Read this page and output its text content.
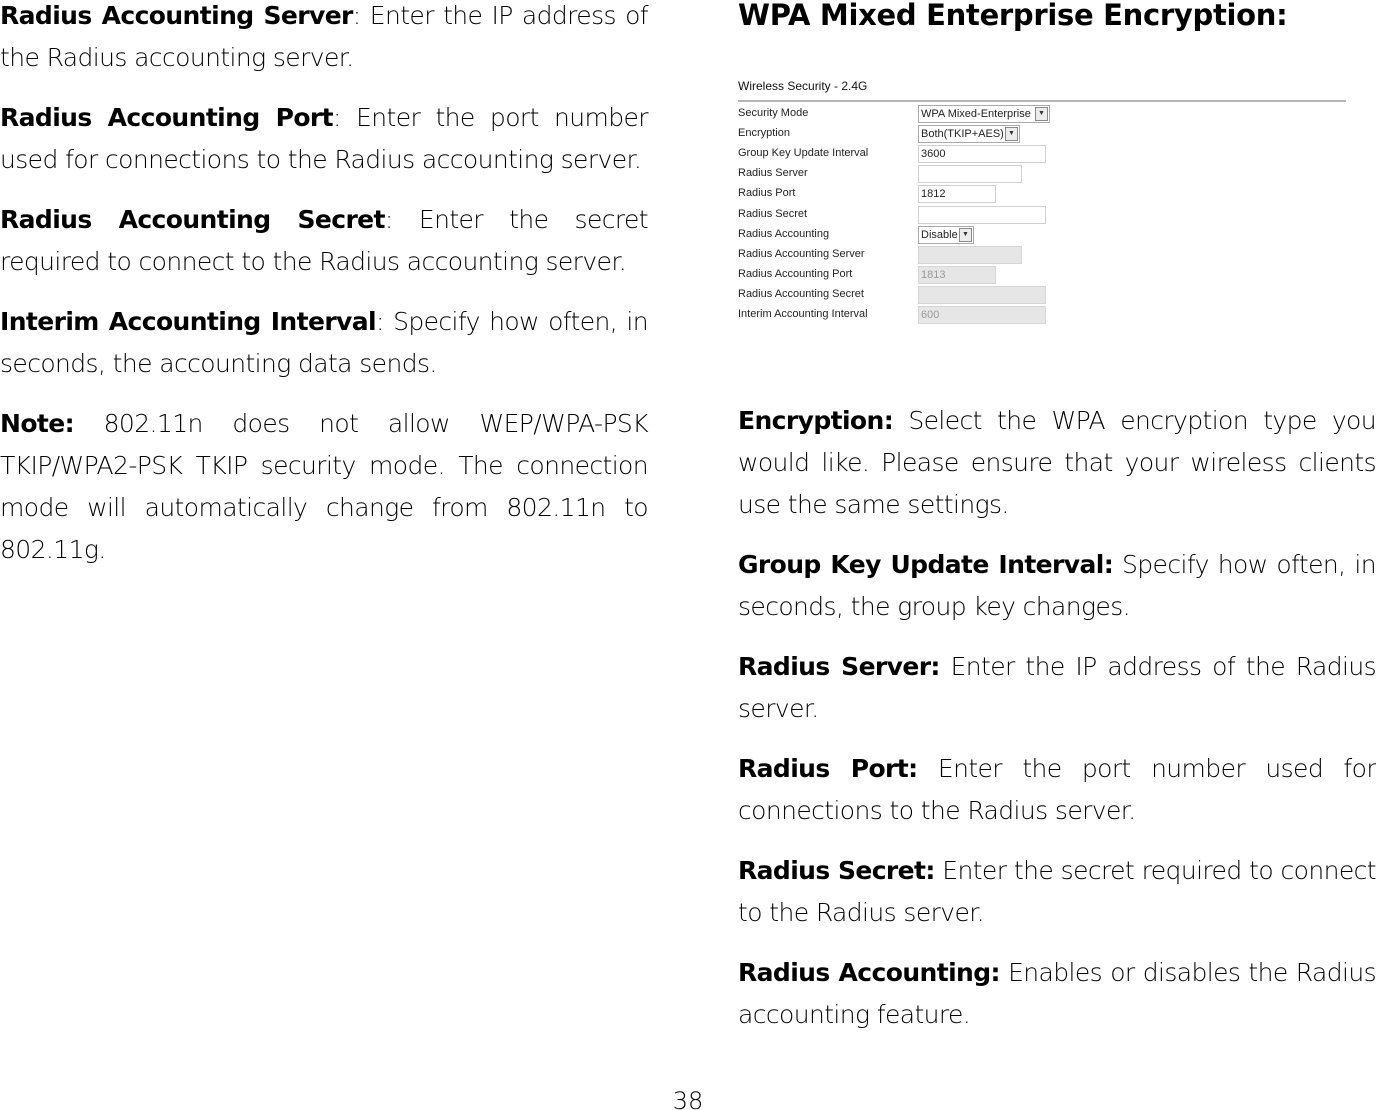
Radius Accounting Server: Enter the IP address of the Radius accounting server.

Radius Accounting Port: Enter the port number used for connections to the Radius accounting server.

Radius Accounting Secret: Enter the secret required to connect to the Radius accounting server.

Interim Accounting Interval: Specify how often, in seconds, the accounting data sends.

Note: 802.11n does not allow WEP/WPA-PSK TKIP/WPA2-PSK TKIP security mode. The connection mode will automatically change from 802.11n to 802.11g.

WPA Mixed Enterprise Encryption:
Wireless Security - 2.4G
Security Mode	WPA Mixed-Enterprise	▼
Encryption	Both(TKIP+AES) ▼
Group Key Update Interval	3600
Radius Server
Radius Port	1812
Radius Secret
Radius Accounting	Disable ▼
Radius Accounting Server
Radius Accounting Port	1813
Radius Accounting Secret
Interim Accounting Interval	600

Encryption: Select the WPA encryption type you would like. Please ensure that your wireless clients use the same settings.

Group Key Update Interval: Specify how often, in seconds, the group key changes.

Radius Server: Enter the IP address of the Radius server.

Radius Port: Enter the port number used for connections to the Radius server.

Radius Secret: Enter the secret required to connect to the Radius server.

Radius Accounting: Enables or disables the Radius accounting feature.

38
